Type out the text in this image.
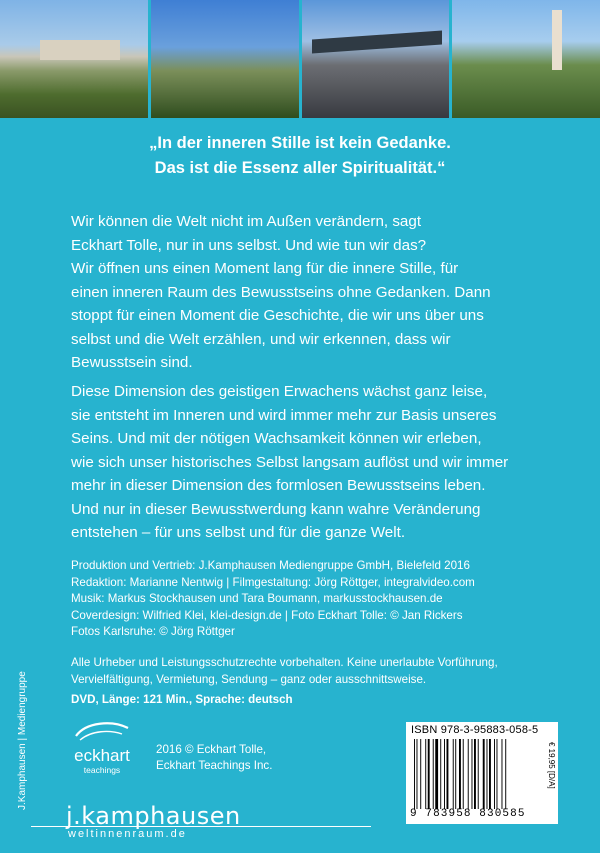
„In der inneren Stille ist kein Gedanke.
Das ist die Essenz aller Spiritualität.“
Wir können die Welt nicht im Außen verändern, sagt
Eckhart Tolle, nur in uns selbst. Und wie tun wir das?
Wir öffnen uns einen Moment lang für die innere Stille, für
einen inneren Raum des Bewusstseins ohne Gedanken. Dann
stoppt für einen Moment die Geschichte, die wir uns über uns
selbst und die Welt erzählen, und wir erkennen, dass wir
Bewusstsein sind.
Diese Dimension des geistigen Erwachens wächst ganz leise,
sie entsteht im Inneren und wird immer mehr zur Basis unseres
Seins. Und mit der nötigen Wachsamkeit können wir erleben,
wie sich unser historisches Selbst langsam auflöst und wir immer
mehr in dieser Dimension des formlosen Bewusstseins leben.
Und nur in dieser Bewusstwerdung kann wahre Veränderung
entstehen – für uns selbst und für die ganze Welt.
Produktion und Vertrieb: J.Kamphausen Mediengruppe GmbH, Bielefeld 2016
Redaktion: Marianne Nentwig | Filmgestaltung: Jörg Röttger, integralvideo.com
Musik: Markus Stockhausen und Tara Boumann, markusstockhausen.de
Coverdesign: Wilfried Klei, klei-design.de | Foto Eckhart Tolle: © Jan Rickers
Fotos Karlsruhe: © Jörg Röttger
Alle Urheber und Leistungsschutzrechte vorbehalten. Keine unerlaubte Vorführung,
Vervielfältigung, Vermietung, Sendung – ganz oder ausschnittsweise.
DVD, Länge: 121 Min., Sprache: deutsch
J.Kamphausen | Mediengruppe	eckhart
teachings
2016 © Eckhart Tolle,
Eckhart Teachings Inc.
ISBN 978-3-95883-058-5
9 783958 830585
€ 19,95 [D/A]
j.kamphausen
weltinnenraum.de
